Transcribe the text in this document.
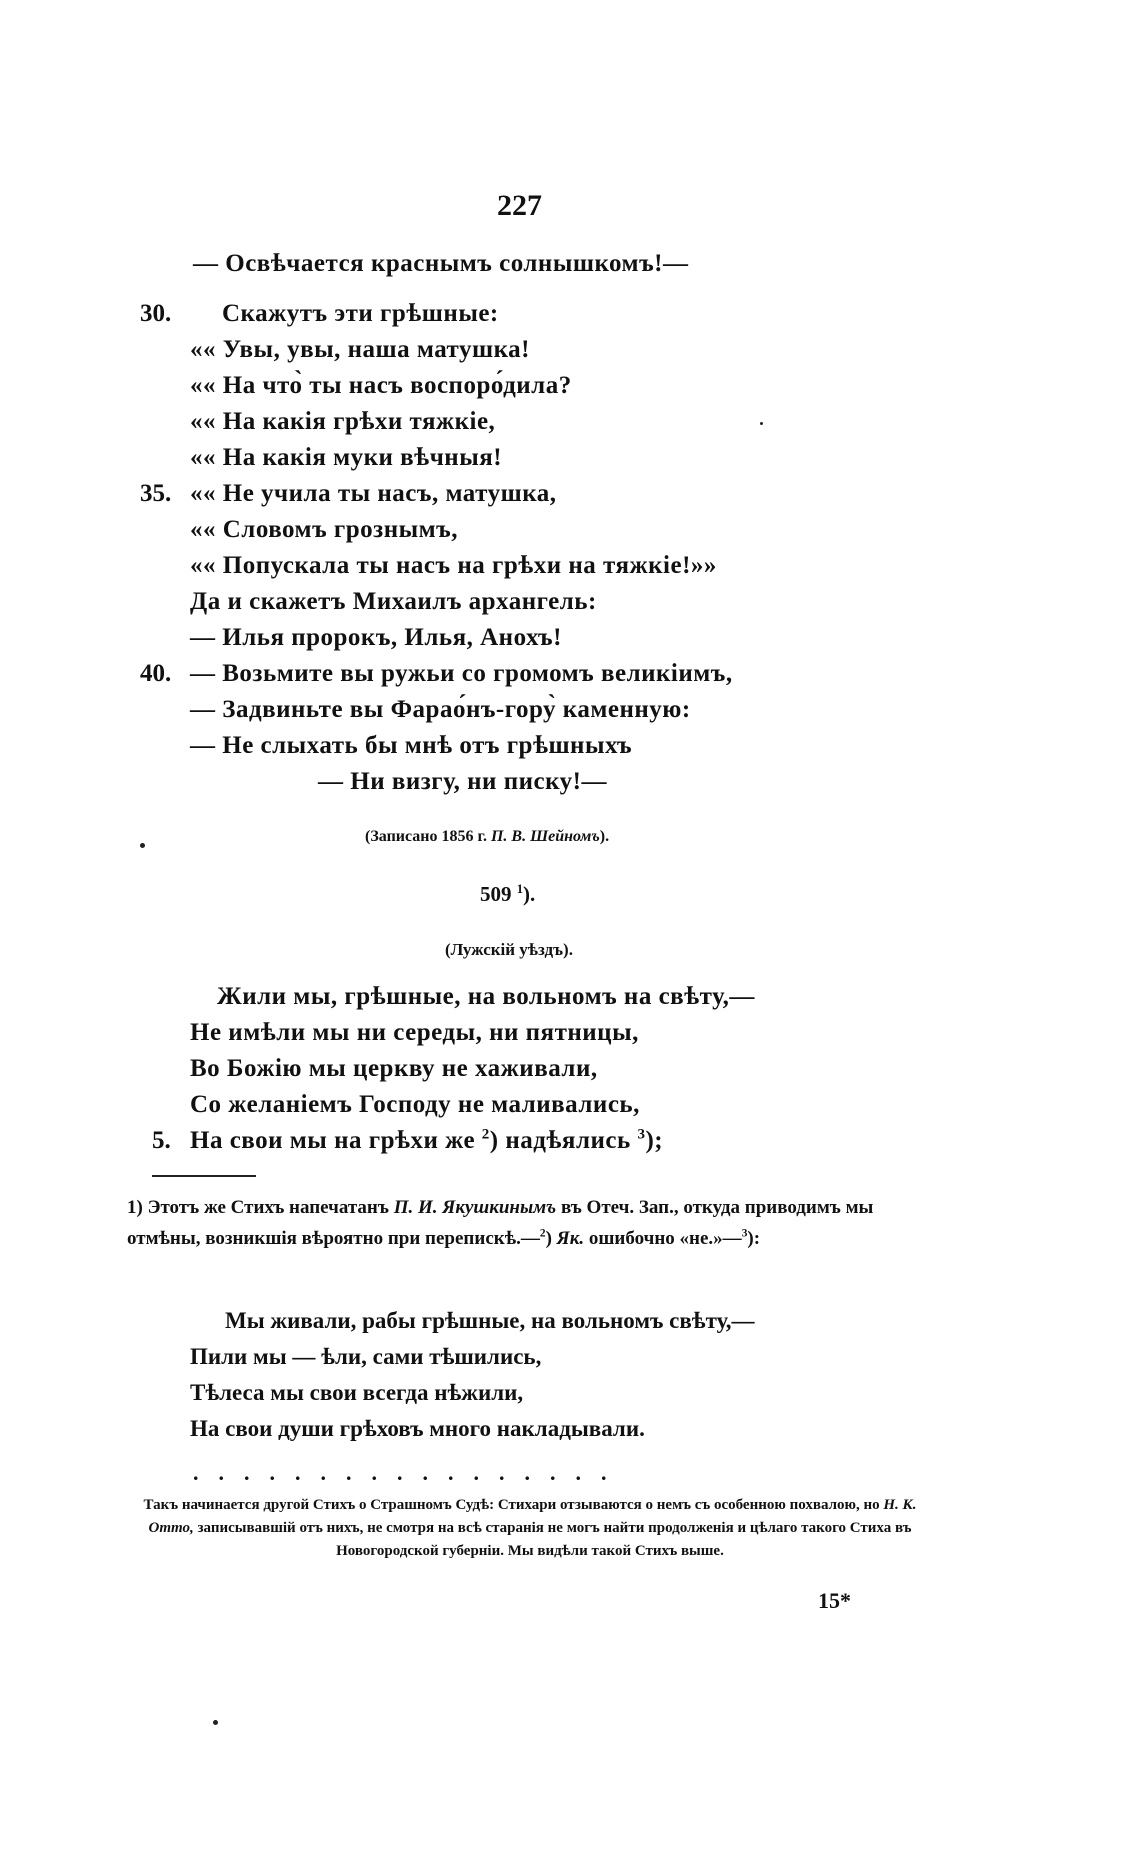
227
— Освѣчается краснымъ солнышкомъ!—
30. Скажутъ эти грѣшные:
«« Увы, увы, наша матушка!
«« На что̀ ты насъ воспоро́дила?
«« На какія грѣхи тяжкіе,
«« На какія муки вѣчныя!
35. «« Не учила ты насъ, матушка,
«« Словомъ грознымъ,
«« Попускала ты насъ на грѣхи на тяжкіе!»»
Да и скажетъ Михаилъ архангель:
— Илья пророкъ, Илья, Анохъ!
40. — Возьмите вы ружьи со громомъ великіимъ,
— Задвиньте вы Фарао́нъ-гору̀ каменную:
— Не слыхать бы мнѣ отъ грѣшныхъ
— Ни визгу, ни писку!—
(Записано 1856 г. П. В. Шейномъ).
509 $^1$).
(Лужскій уѣздъ).
Жили мы, грѣшные, на вольномъ на свѣту,—
Не имѣли мы ни середы, ни пятницы,
Во Божію мы церкву не хаживали,
Со желаніемъ Господу не маливались,
5. На свои мы на грѣхи же $^2$) надѣялись $^3$);
1) Этотъ же Стихъ напечатанъ П. И. Якушкинымъ въ Отеч. Зап., откуда приводимъ мы отмѣны, возникшія вѣроятно при перепискѣ.—$^2$) Як. ошибочно «не.»—$^3$):
Мы живали, рабы грѣшные, на вольномъ свѣту,—
Пили мы — ѣли, сами тѣшились,
Тѣлеса мы свои всегда нѣжили,
На свои души грѣховъ много накладывали.
.................
Такъ начинается другой Стихъ о Страшномъ Судѣ: Стихари отзываются о немъ съ особенною похвалою, но Н. К. Отто, записывавшій отъ нихъ, не смотря на всѣ старанія не могъ найти продолженія и цѣлаго такого Стиха въ Новогородской губерніи. Мы видѣли такой Стихъ выше.
15*
